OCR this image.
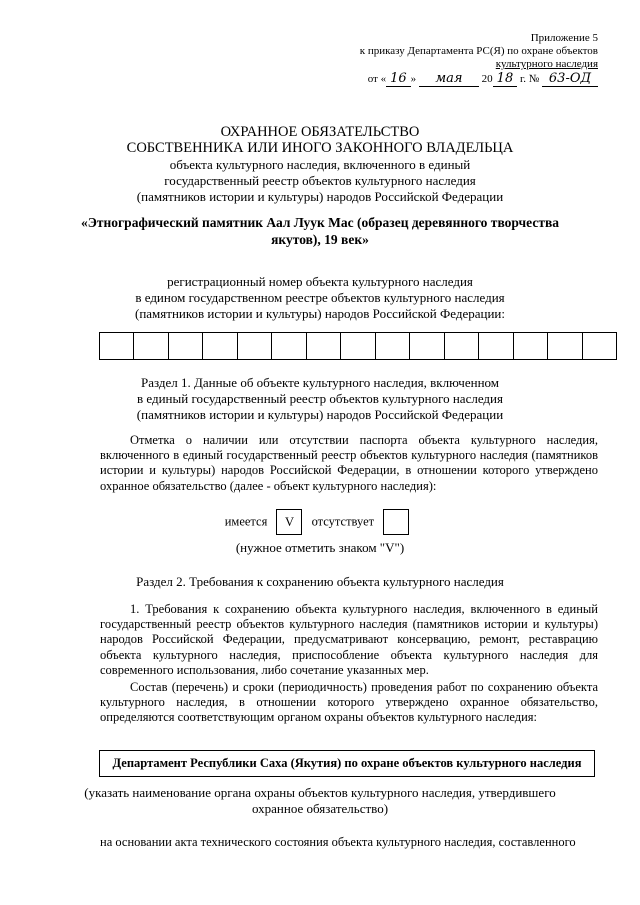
Приложение 5
к приказу Департамента РС(Я) по охране объектов
культурного наследия
от « 16 » мая 20 18 г. № 63-ОД
ОХРАННОЕ ОБЯЗАТЕЛЬСТВО
СОБСТВЕННИКА ИЛИ ИНОГО ЗАКОННОГО ВЛАДЕЛЬЦА
объекта культурного наследия, включенного в единый
государственный реестр объектов культурного наследия
(памятников истории и культуры) народов Российской Федерации
«Этнографический памятник Аал Луук Мас (образец деревянного творчества
якутов), 19 век»
регистрационный номер объекта культурного наследия
в едином государственном реестре объектов культурного наследия
(памятников истории и культуры) народов Российской Федерации:
Раздел 1. Данные об объекте культурного наследия, включенном
в единый государственный реестр объектов культурного наследия
(памятников истории и культуры) народов Российской Федерации
Отметка о наличии или отсутствии паспорта объекта культурного наследия, включенного в единый государственный реестр объектов культурного наследия (памятников истории и культуры) народов Российской Федерации, в отношении которого утверждено охранное обязательство (далее - объект культурного наследия):
имеется V отсутствует
(нужное отметить знаком "V")
Раздел 2. Требования к сохранению объекта культурного наследия
1. Требования к сохранению объекта культурного наследия, включенного в единый государственный реестр объектов культурного наследия (памятников истории и культуры) народов Российской Федерации, предусматривают консервацию, ремонт, реставрацию объекта культурного наследия, приспособление объекта культурного наследия для современного использования, либо сочетание указанных мер.
Состав (перечень) и сроки (периодичность) проведения работ по сохранению объекта культурного наследия, в отношении которого утверждено охранное обязательство, определяются соответствующим органом охраны объектов культурного наследия:
Департамент Республики Саха (Якутия) по охране объектов культурного наследия
(указать наименование органа охраны объектов культурного наследия, утвердившего
охранное обязательство)
на основании акта технического состояния объекта культурного наследия, составленного
